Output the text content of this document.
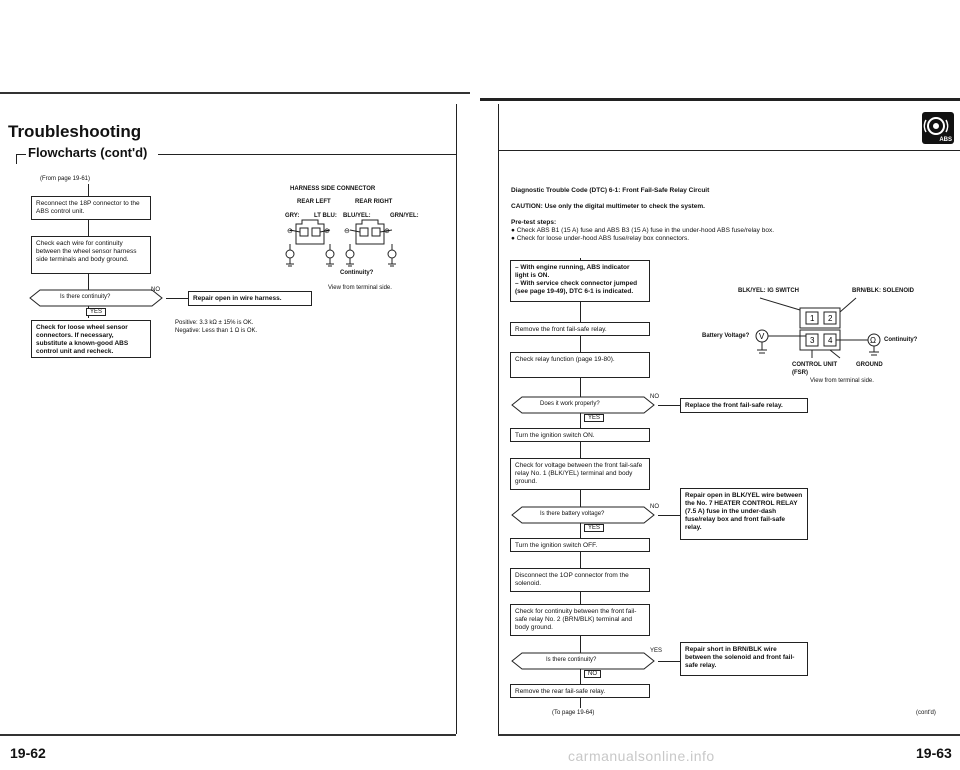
Troubleshooting
Flowcharts (cont'd)
(From page 19-61)
Reconnect the 18P connector to the ABS control unit.
Check each wire for continuity between the wheel sensor harness side terminals and body ground.
Is there continuity?
NO
Repair open in wire harness.
YES
Check for loose wheel sensor connectors. If necessary, substitute a known-good ABS control unit and recheck.
HARNESS SIDE CONNECTOR
REAR LEFT	REAR RIGHT
GRY: LT BLU: BLU/YEL:	GRN/YEL:
⊖	⊕ ⊖	⊕
Continuity?
View from terminal side.
Positive: 3.3 kΩ ± 15% is OK.
Negative: Less than 1 Ω is OK.
19-62
ABS
Diagnostic Trouble Code (DTC) 6-1: Front Fail-Safe Relay Circuit
CAUTION: Use only the digital multimeter to check the system.
Pre-test steps:
● Check ABS B1 (15 A) fuse and ABS B3 (15 A) fuse in the under-hood ABS fuse/relay box.
● Check for loose under-hood ABS fuse/relay box connectors.
– With engine running, ABS indicator light is ON.
– With service check connector jumped (see page 19-49), DTC 6-1 is indicated.
Remove the front fail-safe relay.
Check relay function (page 19-80).
Does it work properly?
NO
Replace the front fail-safe relay.
YES
Turn the ignition switch ON.
Check for voltage between the front fail-safe relay No. 1 (BLK/YEL) terminal and body ground.
Is there battery voltage?
NO
Repair open in BLK/YEL wire between the No. 7 HEATER CONTROL RELAY (7.5 A) fuse in the under-dash fuse/relay box and front fail-safe relay.
YES
Turn the ignition switch OFF.
Disconnect the 1OP connector from the solenoid.
Check for continuity between the front fail-safe relay No. 2 (BRN/BLK) terminal and body ground.
Is there continuity?
YES	Repair short in BRN/BLK wire between the solenoid and front fail-safe relay.
NO
Remove the rear fail-safe relay.
(To page 19-64)	(cont'd)
BLK/YEL: IG SWITCH	BRN/BLK: SOLENOID
V	Ω
1 2
3 4
Battery Voltage?
Continuity?
CONTROL UNIT
(FSR)
GROUND
View from terminal side.
carmanualsonline.info	19-63
